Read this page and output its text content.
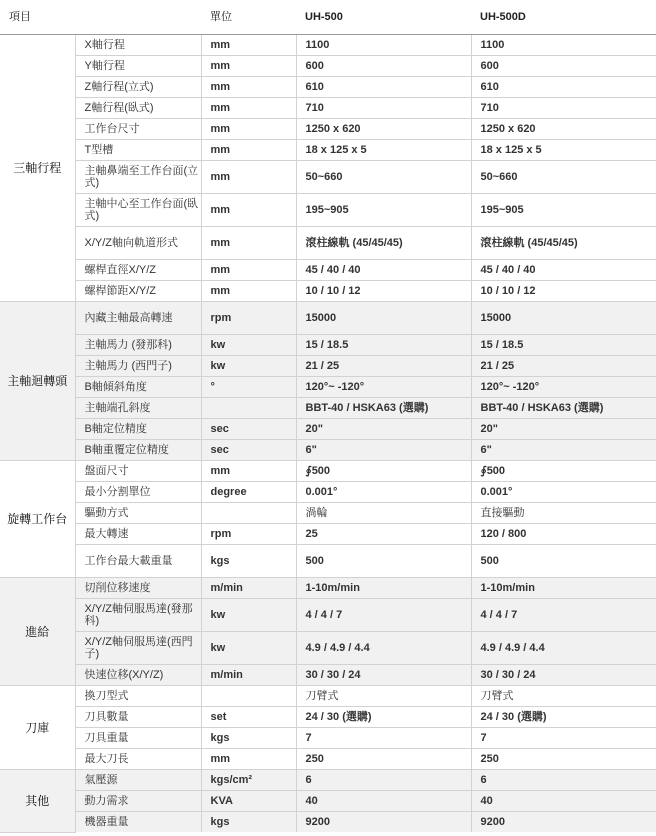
項目		單位	UH-500	UH-500D
三軸行程	X軸行程	mm	1100	1100
	Y軸行程	mm	600	600
	Z軸行程(立式)	mm	610	610
	Z軸行程(臥式)	mm	710	710
	工作台尺寸	mm	1250 x 620	1250 x 620
	T型槽	mm	18 x 125 x 5	18 x 125 x 5
	主軸鼻端至工作台面(立式)	mm	50~660	50~660
	主軸中心至工作台面(臥式)	mm	195~905	195~905
	X/Y/Z軸向軌道形式	mm	滾柱線軌 (45/45/45)	滾柱線軌 (45/45/45)
	螺桿直徑X/Y/Z	mm	45 / 40 / 40	45 / 40 / 40
	螺桿節距X/Y/Z	mm	10 / 10 / 12	10 / 10 / 12
主軸迴轉頭	內藏主軸最高轉速	rpm	15000	15000
	主軸馬力 (發那科)	kw	15 / 18.5	15 / 18.5
	主軸馬力 (西門子)	kw	21 / 25	21 / 25
	B軸傾斜角度	°	120°~ -120°	120°~ -120°
	主軸端孔斜度		BBT-40 / HSKA63 (選購)	BBT-40 / HSKA63 (選購)
	B軸定位精度	sec	20"	20"
	B軸重覆定位精度	sec	6"	6"
旋轉工作台	盤面尺寸	mm	∮500	∮500
	最小分割單位	degree	0.001°	0.001°
	驅動方式		渦輪	直接驅動
	最大轉速	rpm	25	120 / 800
	工作台最大載重量	kgs	500	500
進給	切削位移速度	m/min	1-10m/min	1-10m/min
	X/Y/Z軸伺服馬達(發那科)	kw	4 / 4 / 7	4 / 4 / 7
	X/Y/Z軸伺服馬達(西門子)	kw	4.9 / 4.9 / 4.4	4.9 / 4.9 / 4.4
	快速位移(X/Y/Z)	m/min	30 / 30 / 24	30 / 30 / 24
刀庫	換刀型式		刀臂式	刀臂式
	刀具數量	set	24 / 30 (選購)	24 / 30 (選購)
	刀具重量	kgs	7	7
	最大刀長	mm	250	250
其他	氣壓源	kgs/cm²	6	6
	動力需求	KVA	40	40
	機器重量	kgs	9200	9200
